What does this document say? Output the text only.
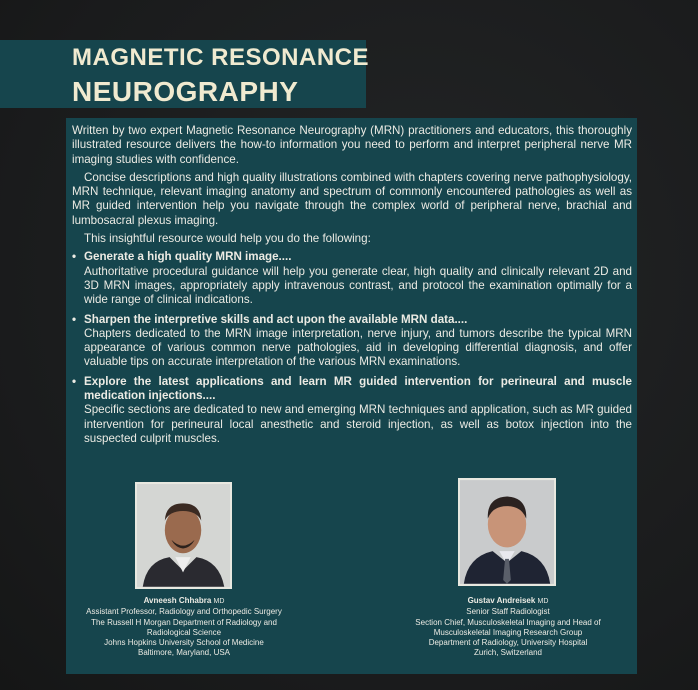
MAGNETIC RESONANCE
NEUROGRAPHY

Written by two expert Magnetic Resonance Neurography (MRN) practitioners and educators, this thoroughly illustrated resource delivers the how-to information you need to perform and interpret peripheral nerve MR imaging studies with confidence.

Concise descriptions and high quality illustrations combined with chapters covering nerve pathophysiology, MRN technique, relevant imaging anatomy and spectrum of commonly encountered pathologies as well as MR guided intervention help you navigate through the complex world of peripheral nerve, brachial and lumbosacral plexus imaging.

This insightful resource would help you do the following:

• Generate a high quality MRN image....
Authoritative procedural guidance will help you generate clear, high quality and clinically relevant 2D and 3D MRN images, appropriately apply intravenous contrast, and protocol the examination optimally for a wide range of clinical indications.
• Sharpen the interpretive skills and act upon the available MRN data....
Chapters dedicated to the MRN image interpretation, nerve injury, and tumors describe the typical MRN appearance of various common nerve pathologies, aid in developing differential diagnosis, and offer valuable tips on accurate interpretation of the various MRN examinations.
• Explore the latest applications and learn MR guided intervention for perineural and muscle medication injections....
Specific sections are dedicated to new and emerging MRN techniques and application, such as MR guided intervention for perineural local anesthetic and steroid injection, as well as botox injection into the suspected culprit muscles.
Avneesh Chhabra MD
Assistant Professor, Radiology and Orthopedic Surgery
The Russell H Morgan Department of Radiology and
Radiological Science
Johns Hopkins University School of Medicine
Baltimore, Maryland, USA
Gustav Andreisek MD
Senior Staff Radiologist
Section Chief, Musculoskeletal Imaging and Head of
Musculoskeletal Imaging Research Group
Department of Radiology, University Hospital
Zurich, Switzerland
